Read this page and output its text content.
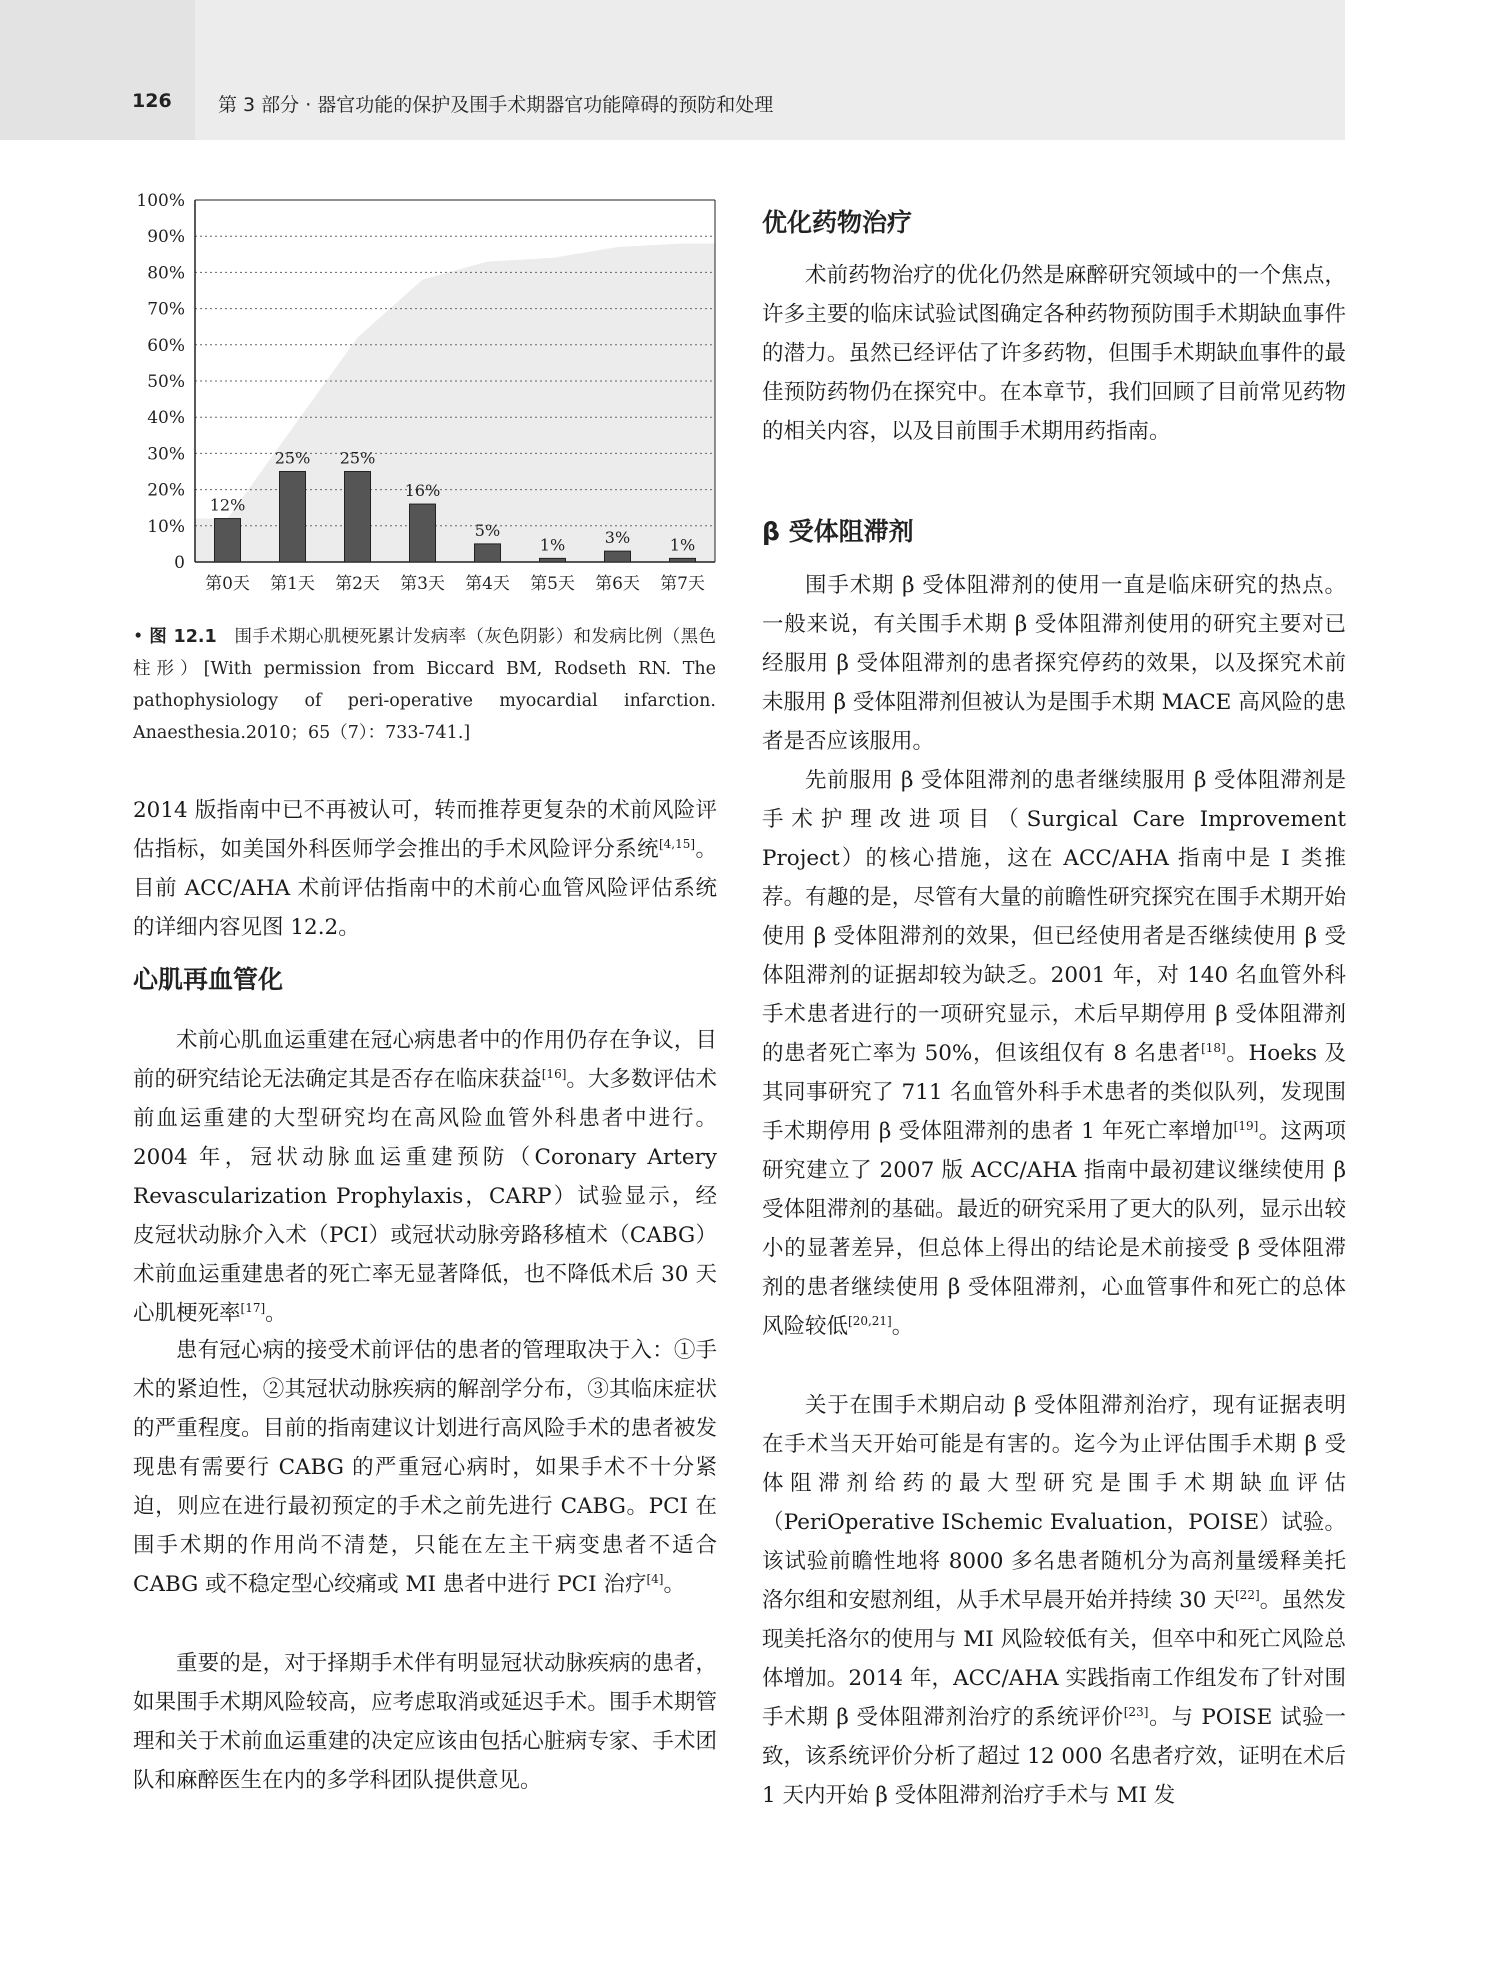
126 第 3 部分 · 器官功能的保护及围手术期器官功能障碍的预防和处理
0
10%
20%
30%
40%
50%
60%
70%
80%
90%
100%
12%
第0天
25%
第1天
25%
第2天
16%
第3天
5%
第4天
1%
第5天
3%
第6天
1%
第7天
• 图 12.1 围手术期心肌梗死累计发病率（灰色阴影）和发病比例（黑色柱形）[With permission from Biccard BM, Rodseth RN. The pathophysiology of peri-operative myocardial infarction. Anaesthesia.2010；65（7）：733-741.]

2014 版指南中已不再被认可，转而推荐更复杂的术前风险评估指标，如美国外科医师学会推出的手术风险评分系统[4,15]。目前 ACC/AHA 术前评估指南中的术前心血管风险评估系统的详细内容见图 12.2。

心肌再血管化

术前心肌血运重建在冠心病患者中的作用仍存在争议，目前的研究结论无法确定其是否存在临床获益[16]。大多数评估术前血运重建的大型研究均在高风险血管外科患者中进行。2004 年，冠状动脉血运重建预防（Coronary Artery Revascularization Prophylaxis，CARP）试验显示，经皮冠状动脉介入术（PCI）或冠状动脉旁路移植术（CABG）术前血运重建患者的死亡率无显著降低，也不降低术后 30 天心肌梗死率[17]。

患有冠心病的接受术前评估的患者的管理取决于入：①手术的紧迫性，②其冠状动脉疾病的解剖学分布，③其临床症状的严重程度。目前的指南建议计划进行高风险手术的患者被发现患有需要行 CABG 的严重冠心病时，如果手术不十分紧迫，则应在进行最初预定的手术之前先进行 CABG。PCI 在围手术期的作用尚不清楚，只能在左主干病变患者不适合 CABG 或不稳定型心绞痛或 MI 患者中进行 PCI 治疗[4]。

重要的是，对于择期手术伴有明显冠状动脉疾病的患者，如果围手术期风险较高，应考虑取消或延迟手术。围手术期管理和关于术前血运重建的决定应该由包括心脏病专家、手术团队和麻醉医生在内的多学科团队提供意见。

优化药物治疗

术前药物治疗的优化仍然是麻醉研究领域中的一个焦点，许多主要的临床试验试图确定各种药物预防围手术期缺血事件的潜力。虽然已经评估了许多药物，但围手术期缺血事件的最佳预防药物仍在探究中。在本章节，我们回顾了目前常见药物的相关内容，以及目前围手术期用药指南。

β 受体阻滞剂

围手术期 β 受体阻滞剂的使用一直是临床研究的热点。一般来说，有关围手术期 β 受体阻滞剂使用的研究主要对已经服用 β 受体阻滞剂的患者探究停药的效果，以及探究术前未服用 β 受体阻滞剂但被认为是围手术期 MACE 高风险的患者是否应该服用。

先前服用 β 受体阻滞剂的患者继续服用 β 受体阻滞剂是手术护理改进项目（Surgical Care Improvement Project）的核心措施，这在 ACC/AHA 指南中是 Ⅰ 类推荐。有趣的是，尽管有大量的前瞻性研究探究在围手术期开始使用 β 受体阻滞剂的效果，但已经使用者是否继续使用 β 受体阻滞剂的证据却较为缺乏。2001 年，对 140 名血管外科手术患者进行的一项研究显示，术后早期停用 β 受体阻滞剂的患者死亡率为 50%，但该组仅有 8 名患者[18]。Hoeks 及其同事研究了 711 名血管外科手术患者的类似队列，发现围手术期停用 β 受体阻滞剂的患者 1 年死亡率增加[19]。这两项研究建立了 2007 版 ACC/AHA 指南中最初建议继续使用 β 受体阻滞剂的基础。最近的研究采用了更大的队列，显示出较小的显著差异，但总体上得出的结论是术前接受 β 受体阻滞剂的患者继续使用 β 受体阻滞剂，心血管事件和死亡的总体风险较低[20,21]。

关于在围手术期启动 β 受体阻滞剂治疗，现有证据表明在手术当天开始可能是有害的。迄今为止评估围手术期 β 受体阻滞剂给药的最大型研究是围手术期缺血评估（PeriOperative ISchemic Evaluation，POISE）试验。该试验前瞻性地将 8000 多名患者随机分为高剂量缓释美托洛尔组和安慰剂组，从手术早晨开始并持续 30 天[22]。虽然发现美托洛尔的使用与 MI 风险较低有关，但卒中和死亡风险总体增加。2014 年，ACC/AHA 实践指南工作组发布了针对围手术期 β 受体阻滞剂治疗的系统评价[23]。与 POISE 试验一致，该系统评价分析了超过 12 000 名患者疗效，证明在术后 1 天内开始 β 受体阻滞剂治疗手术与 MI 发
